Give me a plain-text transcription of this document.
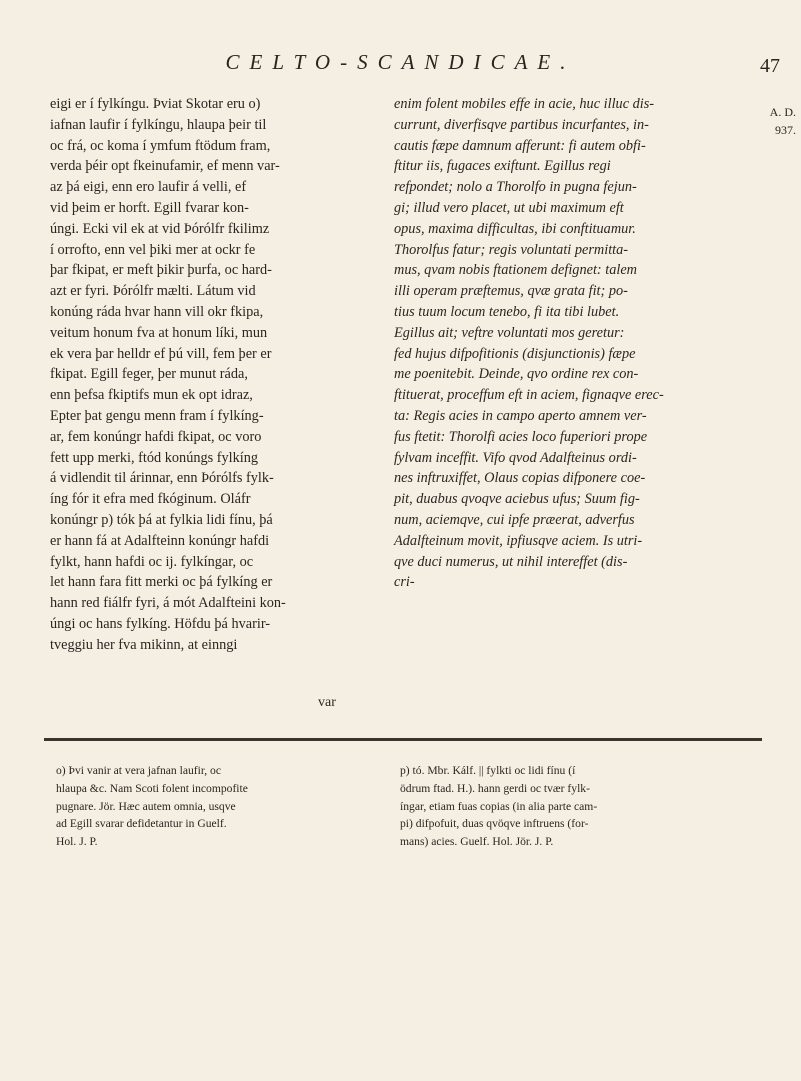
CELTO-SCANDICAE.	47
A. D.
937.
eigi er í fylkíngu. Þviat Skotar eru o)
iafnan laufir í fylkíngu, hlaupa þeir til
oc frá, oc koma í ymfum ftödum fram,
verda þéir opt fkeinufamir, ef menn var-
az þá eigi, enn ero laufir á velli, ef
vid þeim er horft. Egill fvarar kon-
úngi. Ecki vil ek at vid Þórólfr fkilimz
í orrofto, enn vel þiki mer at ockr fe
þar fkipat, er meft þikir þurfa, oc hard-
azt er fyri. Þórólfr mælti. Látum vid
konúng ráda hvar hann vill okr fkipa,
veitum honum fva at honum líki, mun
ek vera þar helldr ef þú vill, fem þer er
fkipat. Egill feger, þer munut ráda,
enn þefsa fkiptifs mun ek opt idraz,
Epter þat gengu menn fram í fylkíng-
ar, fem konúngr hafdi fkipat, oc voro
fett upp merki, ftód konúngs fylkíng
á vidlendit til árinnar, enn Þórólfs fylk-
íng fór it efra med fkóginum. Oláfr
konúngr p) tók þá at fylkia lidi fínu, þá
er hann fá at Adalfteinn konúngr hafdi
fylkt, hann hafdi oc ij. fylkíngar, oc
let hann fara fitt merki oc þá fylkíng er
hann red fiálfr fyri, á mót Adalfteini kon-
úngi oc hans fylkíng. Höfdu þá hvarir-
tveggiu her fva mikinn, at einngi
var
enim folent mobiles effe in acie, huc illuc dis-
currunt, diverfisqve partibus incurfantes, in-
cautis fæpe damnum afferunt: fi autem obfi-
ftitur iis, fugaces exiftunt. Egillus regi
refpondet; nolo a Thorolfo in pugna fejun-
gi; illud vero placet, ut ubi maximum eft
opus, maxima difficultas, ibi conftituamur.
Thorolfus fatur; regis voluntati permitta-
mus, qvam nobis ftationem defignet: talem
illi operam præftemus, qvæ grata fit; po-
tius tuum locum tenebo, fi ita tibi lubet.
Egillus ait; veftre voluntati mos geretur:
fed hujus difpofitionis (disjunctionis) fæpe
me poenitebit. Deinde, qvo ordine rex con-
ftituerat, proceffum eft in aciem, fignaqve erec-
ta: Regis acies in campo aperto amnem ver-
fus ftetit: Thorolfi acies loco fuperiori prope
fylvam inceffit. Vifo qvod Adalfteinus ordi-
nes inftruxiffet, Olaus copias difponere coe-
pit, duabus qvoqve aciebus ufus; Suum fig-
num, aciemqve, cui ipfe præerat, adverfus
Adalfteinum movit, ipfiusqve aciem. Is utri-
qve duci numerus, ut nihil intereffet (dis-
cri-
o) Þvi vanir at vera jafnan laufir, oc
hlaupa &c. Nam Scoti folent incompofite
pugnare. Jör. Hæc autem omnia, usqve
ad Egill svarar defidetantur in Guelf.
Hol. J. P.
p) tó. Mbr. Kálf. || fylkti oc lidi fínu (í
ödrum ftad. H.). hann gerdi oc tvær fylk-
íngar, etiam fuas copias (in alia parte cam-
pi) difpofuit, duas qvöqve inftruens (for-
mans) acies. Guelf. Hol. Jör. J. P.
